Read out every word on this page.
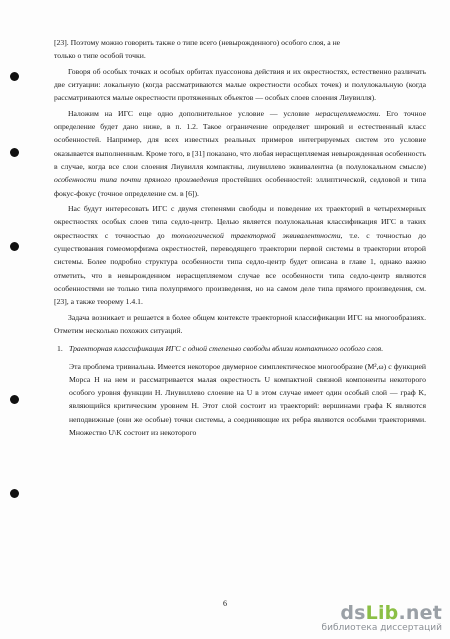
[23]. Поэтому можно говорить также о типе всего (невырожденного) особого слоя, а не
только о типе особой точки.

Говоря об особых точках и особых орбитах пуассонова действия и их окрестностях, естественно различать две ситуации: локальную (когда рассматриваются малые окрестности особых точек) и полулокальную (когда рассматриваются малые окрестности протяженных объектов — особых слоев слоения Лиувилля).

Наложим на ИГС еще одно дополнительное условие — условие нерасщепляемости. Его точное определение будет дано ниже, в п. 1.2. Такое ограничение определяет широкий и естественный класс особенностей. Например, для всех известных реальных примеров интегрируемых систем это условие оказывается выполненным. Кроме того, в [31] показано, что любая нерасщепляемая невырожденная особенность в случае, когда все слои слоения Лиувилля компактны, лиувиллево эквивалентна (в полулокальном смысле) особенности типа почти прямого произведения простейших особенностей: эллиптической, седловой и типа фокус-фокус (точное определение см. в [6]).

Нас будут интересовать ИГС с двумя степенями свободы и поведение их траекторий в четырехмерных окрестностях особых слоев типа седло-центр. Целью является полулокальная классификация ИГС в таких окрестностях с точностью до топологической траекторной эквивалентности, т.е. с точностью до существования гомеоморфизма окрестностей, переводящего траектории первой системы в траектории второй системы. Более подробно структура особенности типа седло-центр будет описана в главе 1, однако важно отметить, что в невырожденном нерасщепляемом случае все особенности типа седло-центр являются особенностями не только типа полупрямого произведения, но на самом деле типа прямого произведения, см. [23], а также теорему 1.4.1.

Задача возникает и решается в более общем контексте траекторной классификации ИГС на многообразиях. Отметим несколько похожих ситуаций.

1. Траекторная классификация ИГС с одной степенью свободы вблизи компактного особого слоя.

Эта проблема тривиальна. Имеется некоторое двумерное симплектическое многообразие (M²,ω) с функцией Морса H на нем и рассматривается малая окрестность U компактной связной компоненты некоторого особого уровня функции H. Лиувиллево слоение на U в этом случае имеет один особый слой — граф K, являющийся критическим уровнем H. Этот слой состоит из траекторий: вершинами графа K являются неподвижные (они же особые) точки системы, а соединяющие их ребра являются особыми траекториями. Множество U\K состоит из некоторого

6	dsLib.net
библиотека диссертаций
